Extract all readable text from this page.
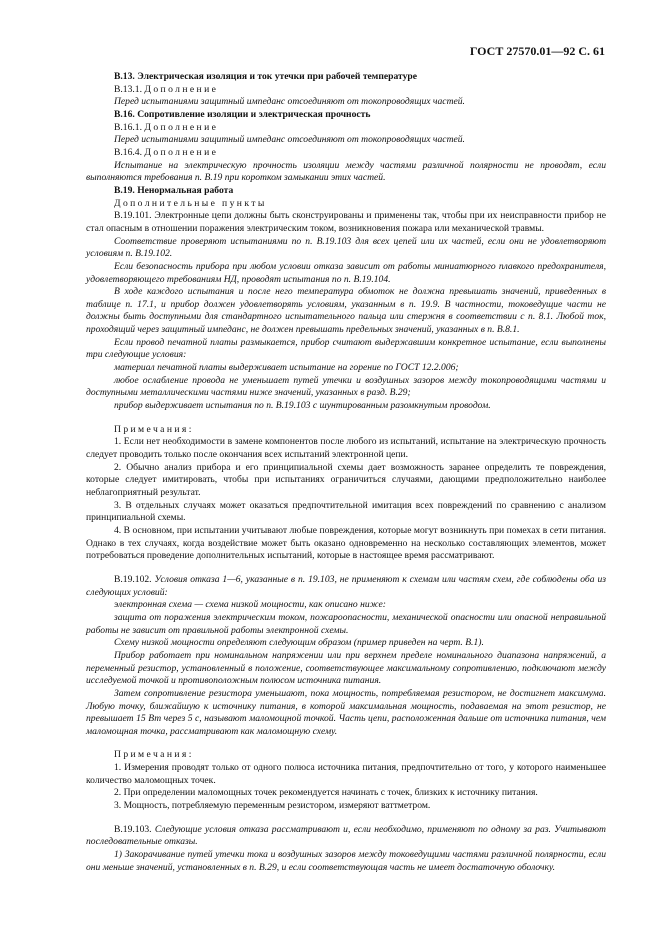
ГОСТ 27570.01—92 С. 61

B.13. Электрическая изоляция и ток утечки при рабочей температуре

B.13.1. Дополнение

Перед испытаниями защитный импеданс отсоединяют от токопроводящих частей.

B.16. Сопротивление изоляции и электрическая прочность

B.16.1. Дополнение

Перед испытаниями защитный импеданс отсоединяют от токопроводящих частей.

B.16.4. Дополнение

Испытание на электрическую прочность изоляции между частями различной полярности не проводят, если выполняются требования п. B.19 при коротком замыкании этих частей.

B.19. Ненормальная работа

Дополнительные пункты

B.19.101. Электронные цепи должны быть сконструированы и применены так, чтобы при их неисправности прибор не стал опасным в отношении поражения электрическим током, возникновения пожара или механической травмы.

Соответствие проверяют испытаниями по п. B.19.103 для всех цепей или их частей, если они не удовлетворяют условиям п. B.19.102.

Если безопасность прибора при любом условии отказа зависит от работы миниатюрного плавкого предохранителя, удовлетворяющего требованиям НД, проводят испытания по п. B.19.104.

В ходе каждого испытания и после него температура обмоток не должна превышать значений, приведенных в таблице п. 17.1, и прибор должен удовлетворять условиям, указанным в п. 19.9. В частности, токоведущие части не должны быть доступными для стандартного испытательного пальца или стержня в соответствии с п. 8.1. Любой ток, проходящий через защитный импеданс, не должен превышать предельных значений, указанных в п. B.8.1.

Если провод печатной платы размыкается, прибор считают выдержавшим конкретное испытание, если выполнены три следующие условия:

материал печатной платы выдерживает испытание на горение по ГОСТ 12.2.006;

любое ослабление провода не уменьшает путей утечки и воздушных зазоров между токопроводящими частями и доступными металлическими частями ниже значений, указанных в разд. B.29;

прибор выдерживает испытания по п. B.19.103 с шунтированным разомкнутым проводом.

Примечания:

1. Если нет необходимости в замене компонентов после любого из испытаний, испытание на электрическую прочность следует проводить только после окончания всех испытаний электронной цепи.

2. Обычно анализ прибора и его принципиальной схемы дает возможность заранее определить те повреждения, которые следует имитировать, чтобы при испытаниях ограничиться случаями, дающими предположительно наиболее неблагоприятный результат.

3. В отдельных случаях может оказаться предпочтительной имитация всех повреждений по сравнению с анализом принципиальной схемы.

4. В основном, при испытании учитывают любые повреждения, которые могут возникнуть при помехах в сети питания. Однако в тех случаях, когда воздействие может быть оказано одновременно на несколько составляющих элементов, может потребоваться проведение дополнительных испытаний, которые в настоящее время рассматривают.

B.19.102. Условия отказа 1—6, указанные в п. 19.103, не применяют к схемам или частям схем, где соблюдены оба из следующих условий:

электронная схема — схема низкой мощности, как описано ниже:

защита от поражения электрическим током, пожароопасности, механической опасности или опасной неправильной работы не зависит от правильной работы электронной схемы.

Схему низкой мощности определяют следующим образом (пример приведен на черт. B.1).

Прибор работает при номинальном напряжении или при верхнем пределе номинального диапазона напряжений, а переменный резистор, установленный в положение, соответствующее максимальному сопротивлению, подключают между исследуемой точкой и противоположным полюсом источника питания.

Затем сопротивление резистора уменьшают, пока мощность, потребляемая резистором, не достигнет максимума. Любую точку, ближайшую к источнику питания, в которой максимальная мощность, подаваемая на этот резистор, не превышает 15 Вт через 5 с, называют маломощной точкой. Часть цепи, расположенная дальше от источника питания, чем маломощная точка, рассматривают как маломощную схему.

Примечания:

1. Измерения проводят только от одного полюса источника питания, предпочтительно от того, у которого наименьшее количество маломощных точек.

2. При определении маломощных точек рекомендуется начинать с точек, близких к источнику питания.

3. Мощность, потребляемую переменным резистором, измеряют ваттметром.

B.19.103. Следующие условия отказа рассматривают и, если необходимо, применяют по одному за раз. Учитывают последовательные отказы.

1) Закорачивание путей утечки тока и воздушных зазоров между токоведущими частями различной полярности, если они меньше значений, установленных в п. B.29, и если соответствующая часть не имеет достаточную оболочку.
